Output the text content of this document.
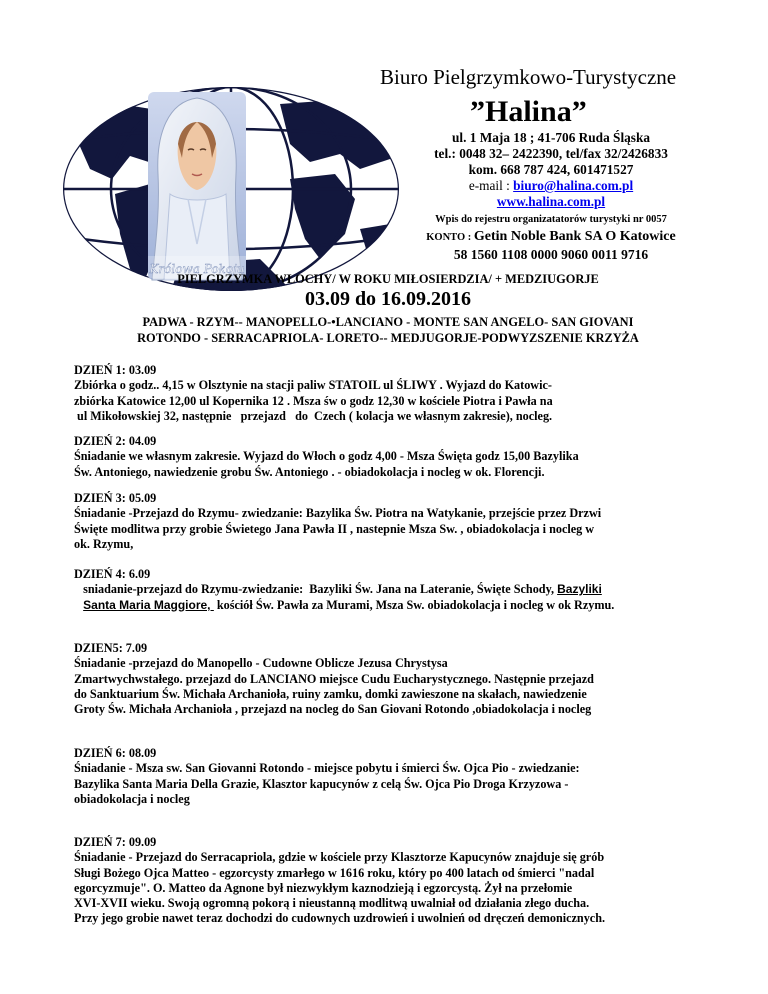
Królowa Pokoju
Biuro Pielgrzymkowo-Turystyczne
”Halina”
ul. 1 Maja 18 ; 41-706 Ruda Śląska
tel.: 0048 32– 2422390, tel/fax 32/2426833
kom. 668 787 424, 601471527
e-mail : biuro@halina.com.pl
www.halina.com.pl
Wpis do rejestru organizatatorów turystyki nr 0057
KONTO : Getin Noble Bank SA O Katowice
58 1560 1108 0000 9060 0011 9716
PIELGRZYMKA WŁOCHY/ W ROKU MIŁOSIERDZIA/ + MEDZIUGORJE
03.09 do 16.09.2016
PADWA - RZYM-- MANOPELLO-•LANCIANO - MONTE SAN ANGELO- SAN GIOVANI
ROTONDO - SERRACAPRIOLA- LORETO-- MEDJUGORJE-PODWYZSZENIE KRZYŻA
DZIEŃ 1: 03.09
Zbiórka o godz.. 4,15 w Olsztynie na stacji paliw STATOIL ul ŚLIWY . Wyjazd do Katowic-
zbiórka Katowice 12,00 ul Kopernika 12 . Msza św o godz 12,30 w kościele Piotra i Pawła na
ul Mikołowskiej 32, następnie   przejazd   do  Czech ( kolacja we własnym zakresie), nocleg.
DZIEŃ 2: 04.09
Śniadanie we własnym zakresie. Wyjazd do Włoch o godz 4,00 - Msza Święta godz 15,00 Bazylika
Św. Antoniego, nawiedzenie grobu Św. Antoniego . - obiadokolacja i nocleg w ok. Florencji.
DZIEŃ 3: 05.09
Śniadanie -Przejazd do Rzymu- zwiedzanie: Bazylika Św. Piotra na Watykanie, przejście przez Drzwi
Święte modlitwa przy grobie Świetego Jana Pawła II , nastepnie Msza Sw. , obiadokolacja i nocleg w
ok. Rzymu,
DZIEŃ 4: 6.09
sniadanie-przejazd do Rzymu-zwiedzanie:  Bazyliki Św. Jana na Lateranie, Święte Schody, Bazyliki
Santa Maria Maggiore,  kościół Św. Pawła za Murami, Msza Sw. obiadokolacja i nocleg w ok Rzymu.
DZIEN5: 7.09
Śniadanie -przejazd do Manopello - Cudowne Oblicze Jezusa Chrystysa
Zmartwychwstałego. przejazd do LANCIANO miejsce Cudu Eucharystycznego. Następnie przejazd
do Sanktuarium Św. Michała Archanioła, ruiny zamku, domki zawieszone na skałach, nawiedzenie
Groty Św. Michała Archanioła , przejazd na nocleg do San Giovani Rotondo ,obiadokolacja i nocleg
DZIEŃ 6: 08.09
Śniadanie - Msza sw. San Giovanni Rotondo - miejsce pobytu i śmierci Św. Ojca Pio - zwiedzanie:
Bazylika Santa Maria Della Grazie, Klasztor kapucynów z celą Św. Ojca Pio Droga Krzyzowa -
obiadokolacja i nocleg
DZIEŃ 7: 09.09
Śniadanie - Przejazd do Serracapriola, gdzie w kościele przy Klasztorze Kapucynów znajduje się grób
Sługi Bożego Ojca Matteo - egzorcysty zmarłego w 1616 roku, który po 400 latach od śmierci "nadal
egorcyzmuje". O. Matteo da Agnone był niezwykłym kaznodzieją i egzorcystą. Żył na przełomie
XVI-XVII wieku. Swoją ogromną pokorą i nieustanną modlitwą uwalniał od działania złego ducha.
Przy jego grobie nawet teraz dochodzi do cudownych uzdrowień i uwolnień od dręczeń demonicznych.
